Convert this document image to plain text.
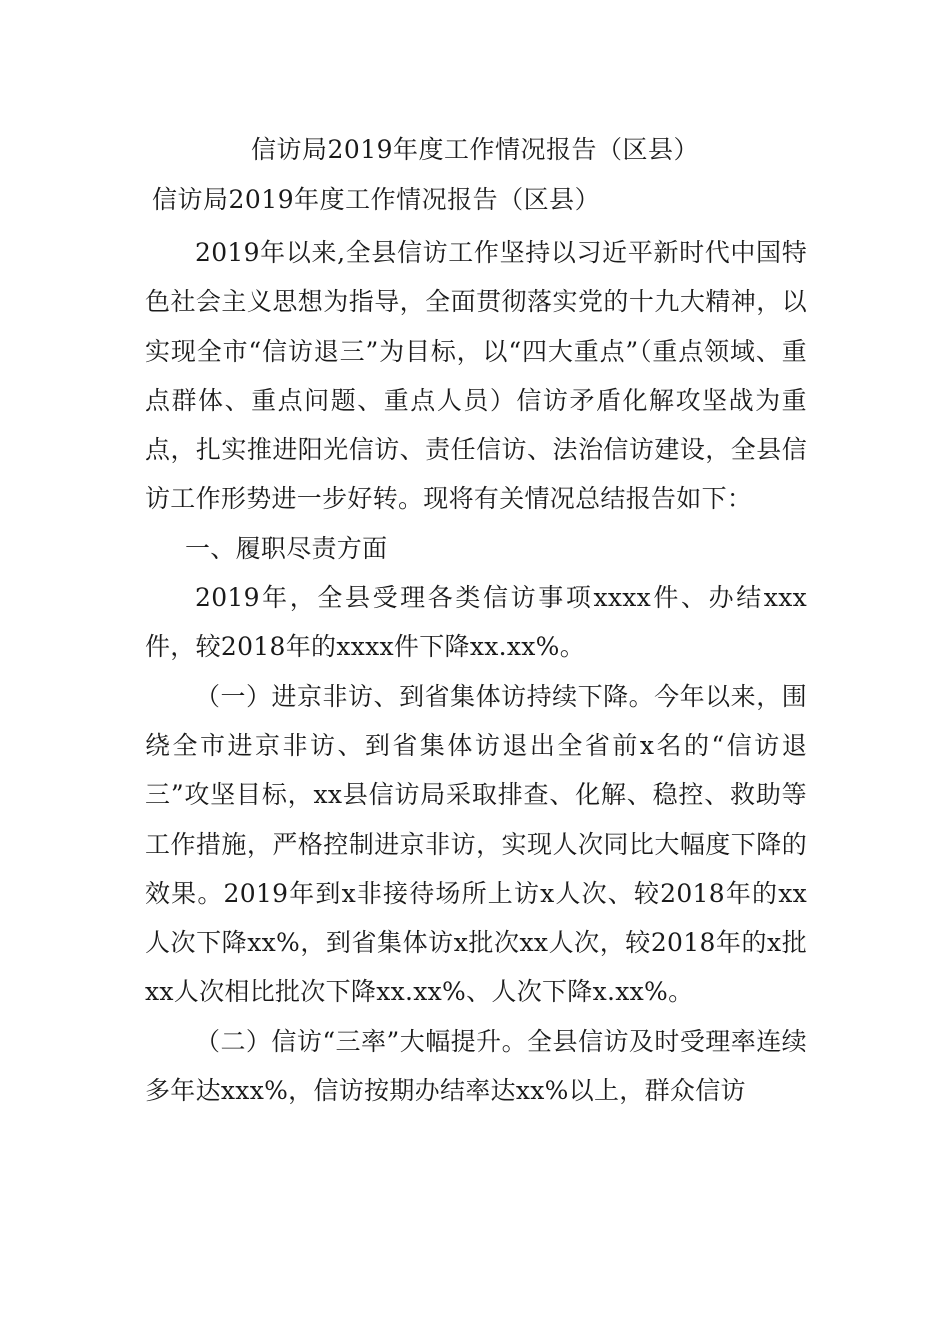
信访局2019年度工作情况报告（区县）
信访局2019年度工作情况报告（区县）

2019年以来,全县信访工作坚持以习近平新时代中国特色社会主义思想为指导，全面贯彻落实党的十九大精神，以实现全市“信访退三”为目标，以“四大重点”（重点领域、重点群体、重点问题、重点人员）信访矛盾化解攻坚战为重点，扎实推进阳光信访、责任信访、法治信访建设，全县信访工作形势进一步好转。现将有关情况总结报告如下：

一、履职尽责方面

2019年，全县受理各类信访事项xxxx件、办结xxx件，较2018年的xxxx件下降xx.xx%。

（一）进京非访、到省集体访持续下降。今年以来，围绕全市进京非访、到省集体访退出全省前x名的“信访退三”攻坚目标，xx县信访局采取排查、化解、稳控、救助等工作措施，严格控制进京非访，实现人次同比大幅度下降的效果。2019年到x非接待场所上访x人次、较2018年的xx人次下降xx%，到省集体访x批次xx人次，较2018年的x批xx人次相比批次下降xx.xx%、人次下降x.xx%。

（二）信访“三率”大幅提升。全县信访及时受理率连续多年达xxx%，信访按期办结率达xx%以上，群众信访
